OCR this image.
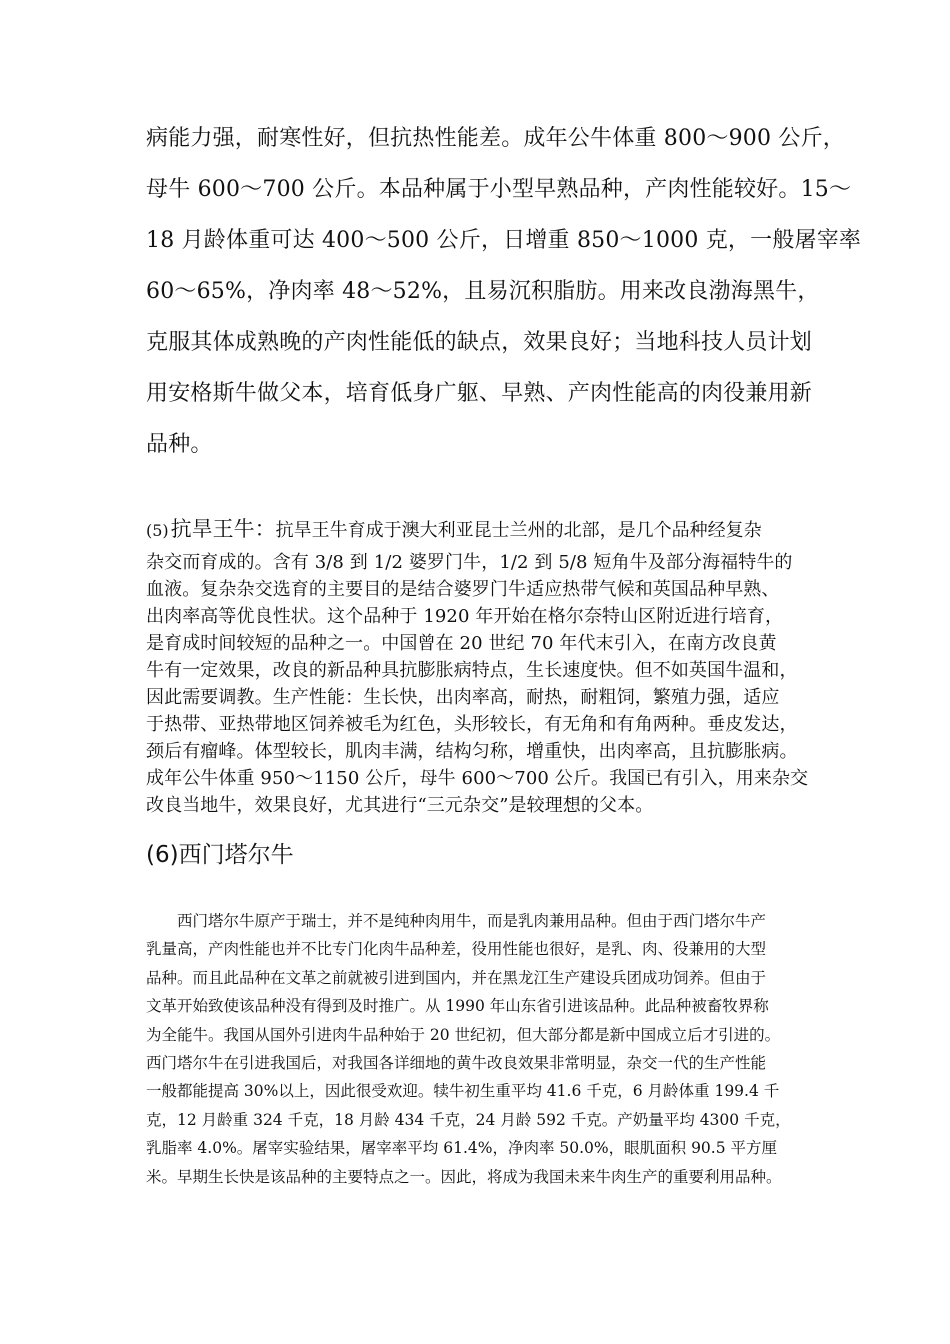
病能力强，耐寒性好，但抗热性能差。成年公牛体重 800～900 公斤，
母牛 600～700 公斤。本品种属于小型早熟品种，产肉性能较好。15～
18 月龄体重可达 400～500 公斤，日增重 850～1000 克，一般屠宰率
60～65%，净肉率 48～52%，且易沉积脂肪。用来改良渤海黑牛，
克服其体成熟晚的产肉性能低的缺点，效果良好；当地科技人员计划
用安格斯牛做父本，培育低身广躯、早熟、产肉性能高的肉役兼用新
品种。
(5)抗旱王牛：抗旱王牛育成于澳大利亚昆士兰州的北部，是几个品种经复杂
杂交而育成的。含有 3/8 到 1/2 婆罗门牛，1/2 到 5/8 短角牛及部分海福特牛的
血液。复杂杂交选育的主要目的是结合婆罗门牛适应热带气候和英国品种早熟、
出肉率高等优良性状。这个品种于 1920 年开始在格尔奈特山区附近进行培育，
是育成时间较短的品种之一。中国曾在 20 世纪 70 年代末引入，在南方改良黄
牛有一定效果，改良的新品种具抗膨胀病特点，生长速度快。但不如英国牛温和，
因此需要调教。生产性能：生长快，出肉率高，耐热，耐粗饲，繁殖力强，适应
于热带、亚热带地区饲养被毛为红色，头形较长，有无角和有角两种。垂皮发达，
颈后有瘤峰。体型较长，肌肉丰满，结构匀称，增重快，出肉率高，且抗膨胀病。
成年公牛体重 950～1150 公斤，母牛 600～700 公斤。我国已有引入，用来杂交
改良当地牛，效果良好，尤其进行“三元杂交”是较理想的父本。
(6)西门塔尔牛
西门塔尔牛原产于瑞士，并不是纯种肉用牛，而是乳肉兼用品种。但由于西门塔尔牛产
乳量高，产肉性能也并不比专门化肉牛品种差，役用性能也很好，是乳、肉、役兼用的大型
品种。而且此品种在文革之前就被引进到国内，并在黑龙江生产建设兵团成功饲养。但由于
文革开始致使该品种没有得到及时推广。从 1990 年山东省引进该品种。此品种被畜牧界称
为全能牛。我国从国外引进肉牛品种始于 20 世纪初，但大部分都是新中国成立后才引进的。
西门塔尔牛在引进我国后，对我国各详细地的黄牛改良效果非常明显，杂交一代的生产性能
一般都能提高 30%以上，因此很受欢迎。犊牛初生重平均 41.6 千克，6 月龄体重 199.4 千
克，12 月龄重 324 千克，18 月龄 434 千克，24 月龄 592 千克。产奶量平均 4300 千克，
乳脂率 4.0%。屠宰实验结果，屠宰率平均 61.4%，净肉率 50.0%，眼肌面积 90.5 平方厘
米。早期生长快是该品种的主要特点之一。因此，将成为我国未来牛肉生产的重要利用品种。
